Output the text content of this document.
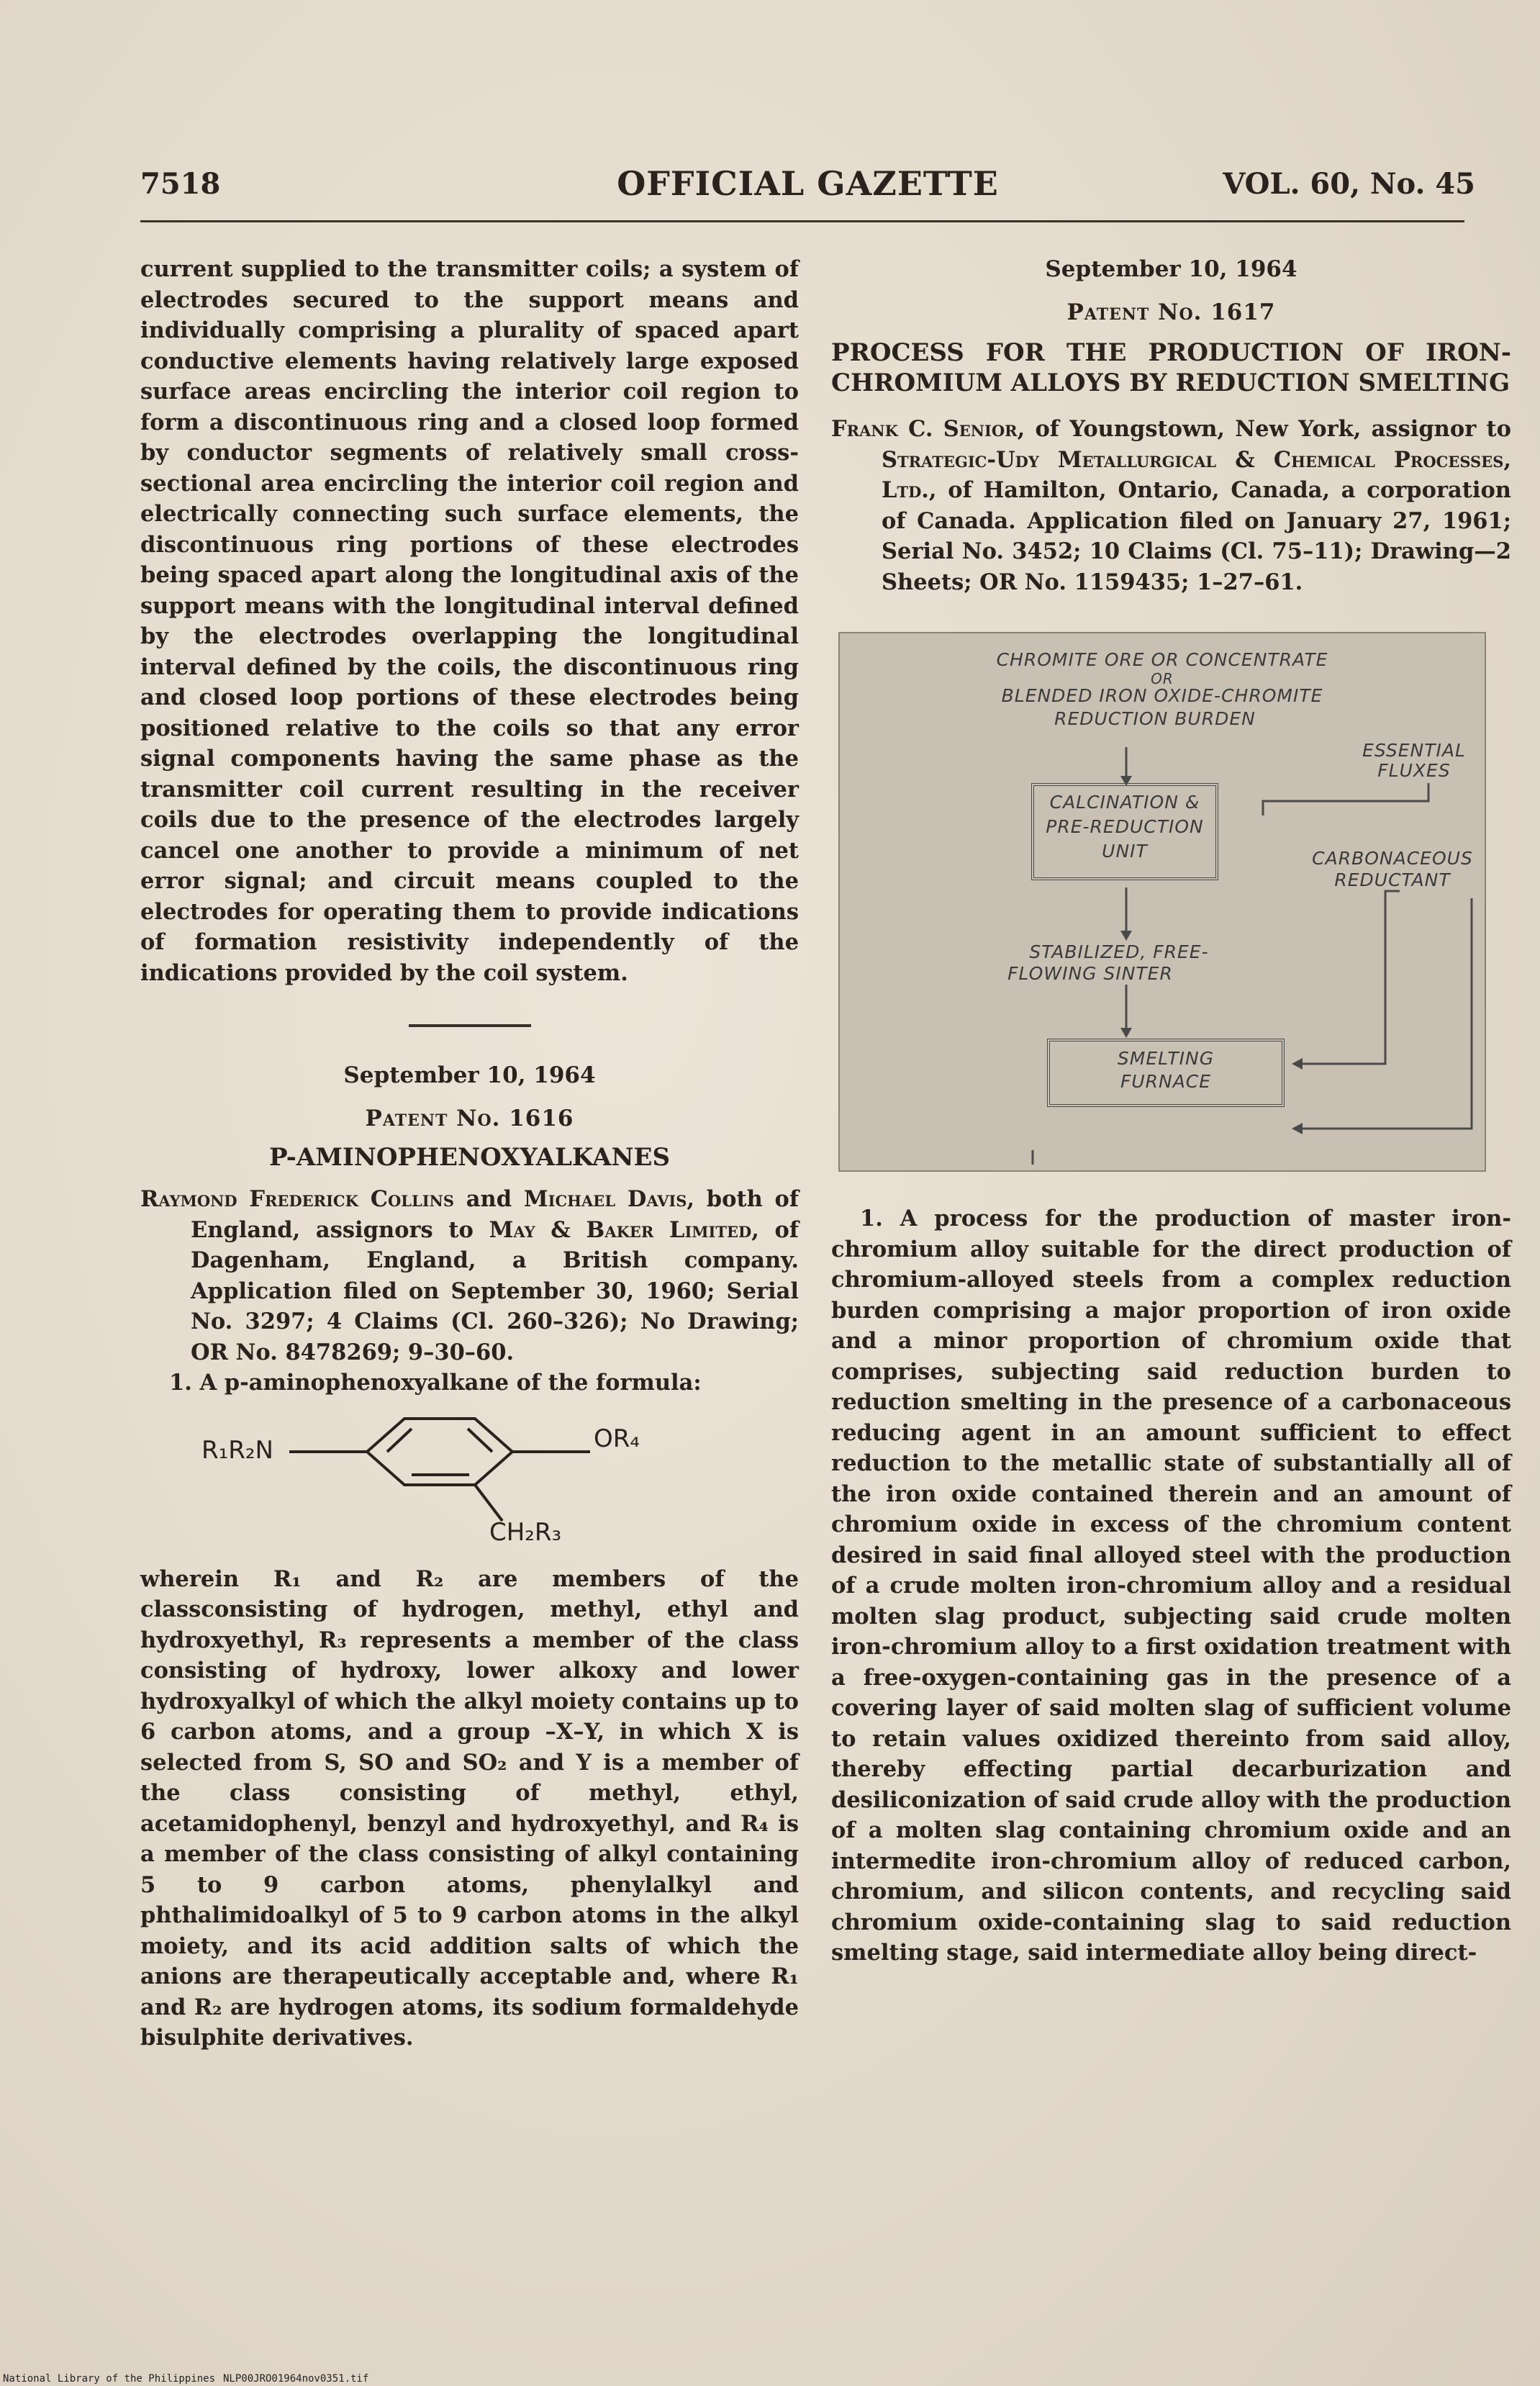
7518	OFFICIAL GAZETTE	VOL. 60, No. 45

current supplied to the transmitter coils; a system of electrodes secured to the support means and individually comprising a plurality of spaced apart conductive elements having relatively large exposed surface areas encircling the interior coil region to form a discontinuous ring and a closed loop formed by conductor segments of relatively small cross-sectional area encircling the interior coil region and electrically connecting such surface elements, the discontinuous ring portions of these electrodes being spaced apart along the longitudinal axis of the support means with the longitudinal interval defined by the electrodes overlapping the longitudinal interval defined by the coils, the discontinuous ring and closed loop portions of these electrodes being positioned relative to the coils so that any error signal components having the same phase as the transmitter coil current resulting in the receiver coils due to the presence of the electrodes largely cancel one another to provide a minimum of net error signal; and circuit means coupled to the electrodes for operating them to provide indications of formation resistivity independently of the indications provided by the coil system.

September 10, 1964

Patent No. 1616

P-AMINOPHENOXYALKANES

Raymond Frederick Collins and Michael Davis, both of England, assignors to May & Baker Limited, of Dagenham, England, a British company. Application filed on September 30, 1960; Serial No. 3297; 4 Claims (Cl. 260–326); No Drawing; OR No. 8478269; 9–30–60.

1. A p-aminophenoxyalkane of the formula:

R₁R₂N	OR₄
CH₂R₃

wherein R₁ and R₂ are members of the classconsisting of hydrogen, methyl, ethyl and hydroxyethyl, R₃ represents a member of the class consisting of hydroxy, lower alkoxy and lower hydroxyalkyl of which the alkyl moiety contains up to 6 carbon atoms, and a group –X–Y, in which X is selected from S, SO and SO₂ and Y is a member of the class consisting of methyl, ethyl, acetamidophenyl, benzyl and hydroxyethyl, and R₄ is a member of the class consisting of alkyl containing 5 to 9 carbon atoms, phenylalkyl and phthalimidoalkyl of 5 to 9 carbon atoms in the alkyl moiety, and its acid addition salts of which the anions are therapeutically acceptable and, where R₁ and R₂ are hydrogen atoms, its sodium formaldehyde bisulphite derivatives.

September 10, 1964

Patent No. 1617

PROCESS FOR THE PRODUCTION OF IRON-CHROMIUM ALLOYS BY REDUCTION SMELTING

Frank C. Senior, of Youngstown, New York, assignor to Strategic-Udy Metallurgical & Chemical Processes, Ltd., of Hamilton, Ontario, Canada, a corporation of Canada. Application filed on January 27, 1961; Serial No. 3452; 10 Claims (Cl. 75–11); Drawing—2 Sheets; OR No. 1159435; 1–27–61.

CHROMITE ORE OR CONCENTRATE
OR
BLENDED IRON OXIDE-CHROMITE
REDUCTION BURDEN
ESSENTIAL
FLUXES
CALCINATION &
PRE-REDUCTION
UNIT	CARBONACEOUS
REDUCTANT
STABILIZED, FREE-
FLOWING SINTER
SMELTING
FURNACE

1. A process for the production of master iron-chromium alloy suitable for the direct production of chromium-alloyed steels from a complex reduction burden comprising a major proportion of iron oxide and a minor proportion of chromium oxide that comprises, subjecting said reduction burden to reduction smelting in the presence of a carbonaceous reducing agent in an amount sufficient to effect reduction to the metallic state of substantially all of the iron oxide contained therein and an amount of chromium oxide in excess of the chromium content desired in said final alloyed steel with the production of a crude molten iron-chromium alloy and a residual molten slag product, subjecting said crude molten iron-chromium alloy to a first oxidation treatment with a free-oxygen-containing gas in the presence of a covering layer of said molten slag of sufficient volume to retain values oxidized thereinto from said alloy, thereby effecting partial decarburization and desiliconization of said crude alloy with the production of a molten slag containing chromium oxide and an intermedite iron-chromium alloy of reduced carbon, chromium, and silicon contents, and recycling said chromium oxide-containing slag to said reduction smelting stage, said intermediate alloy being direct-

National Library of the Philippines NLP00JRO01964nov0351.tif
